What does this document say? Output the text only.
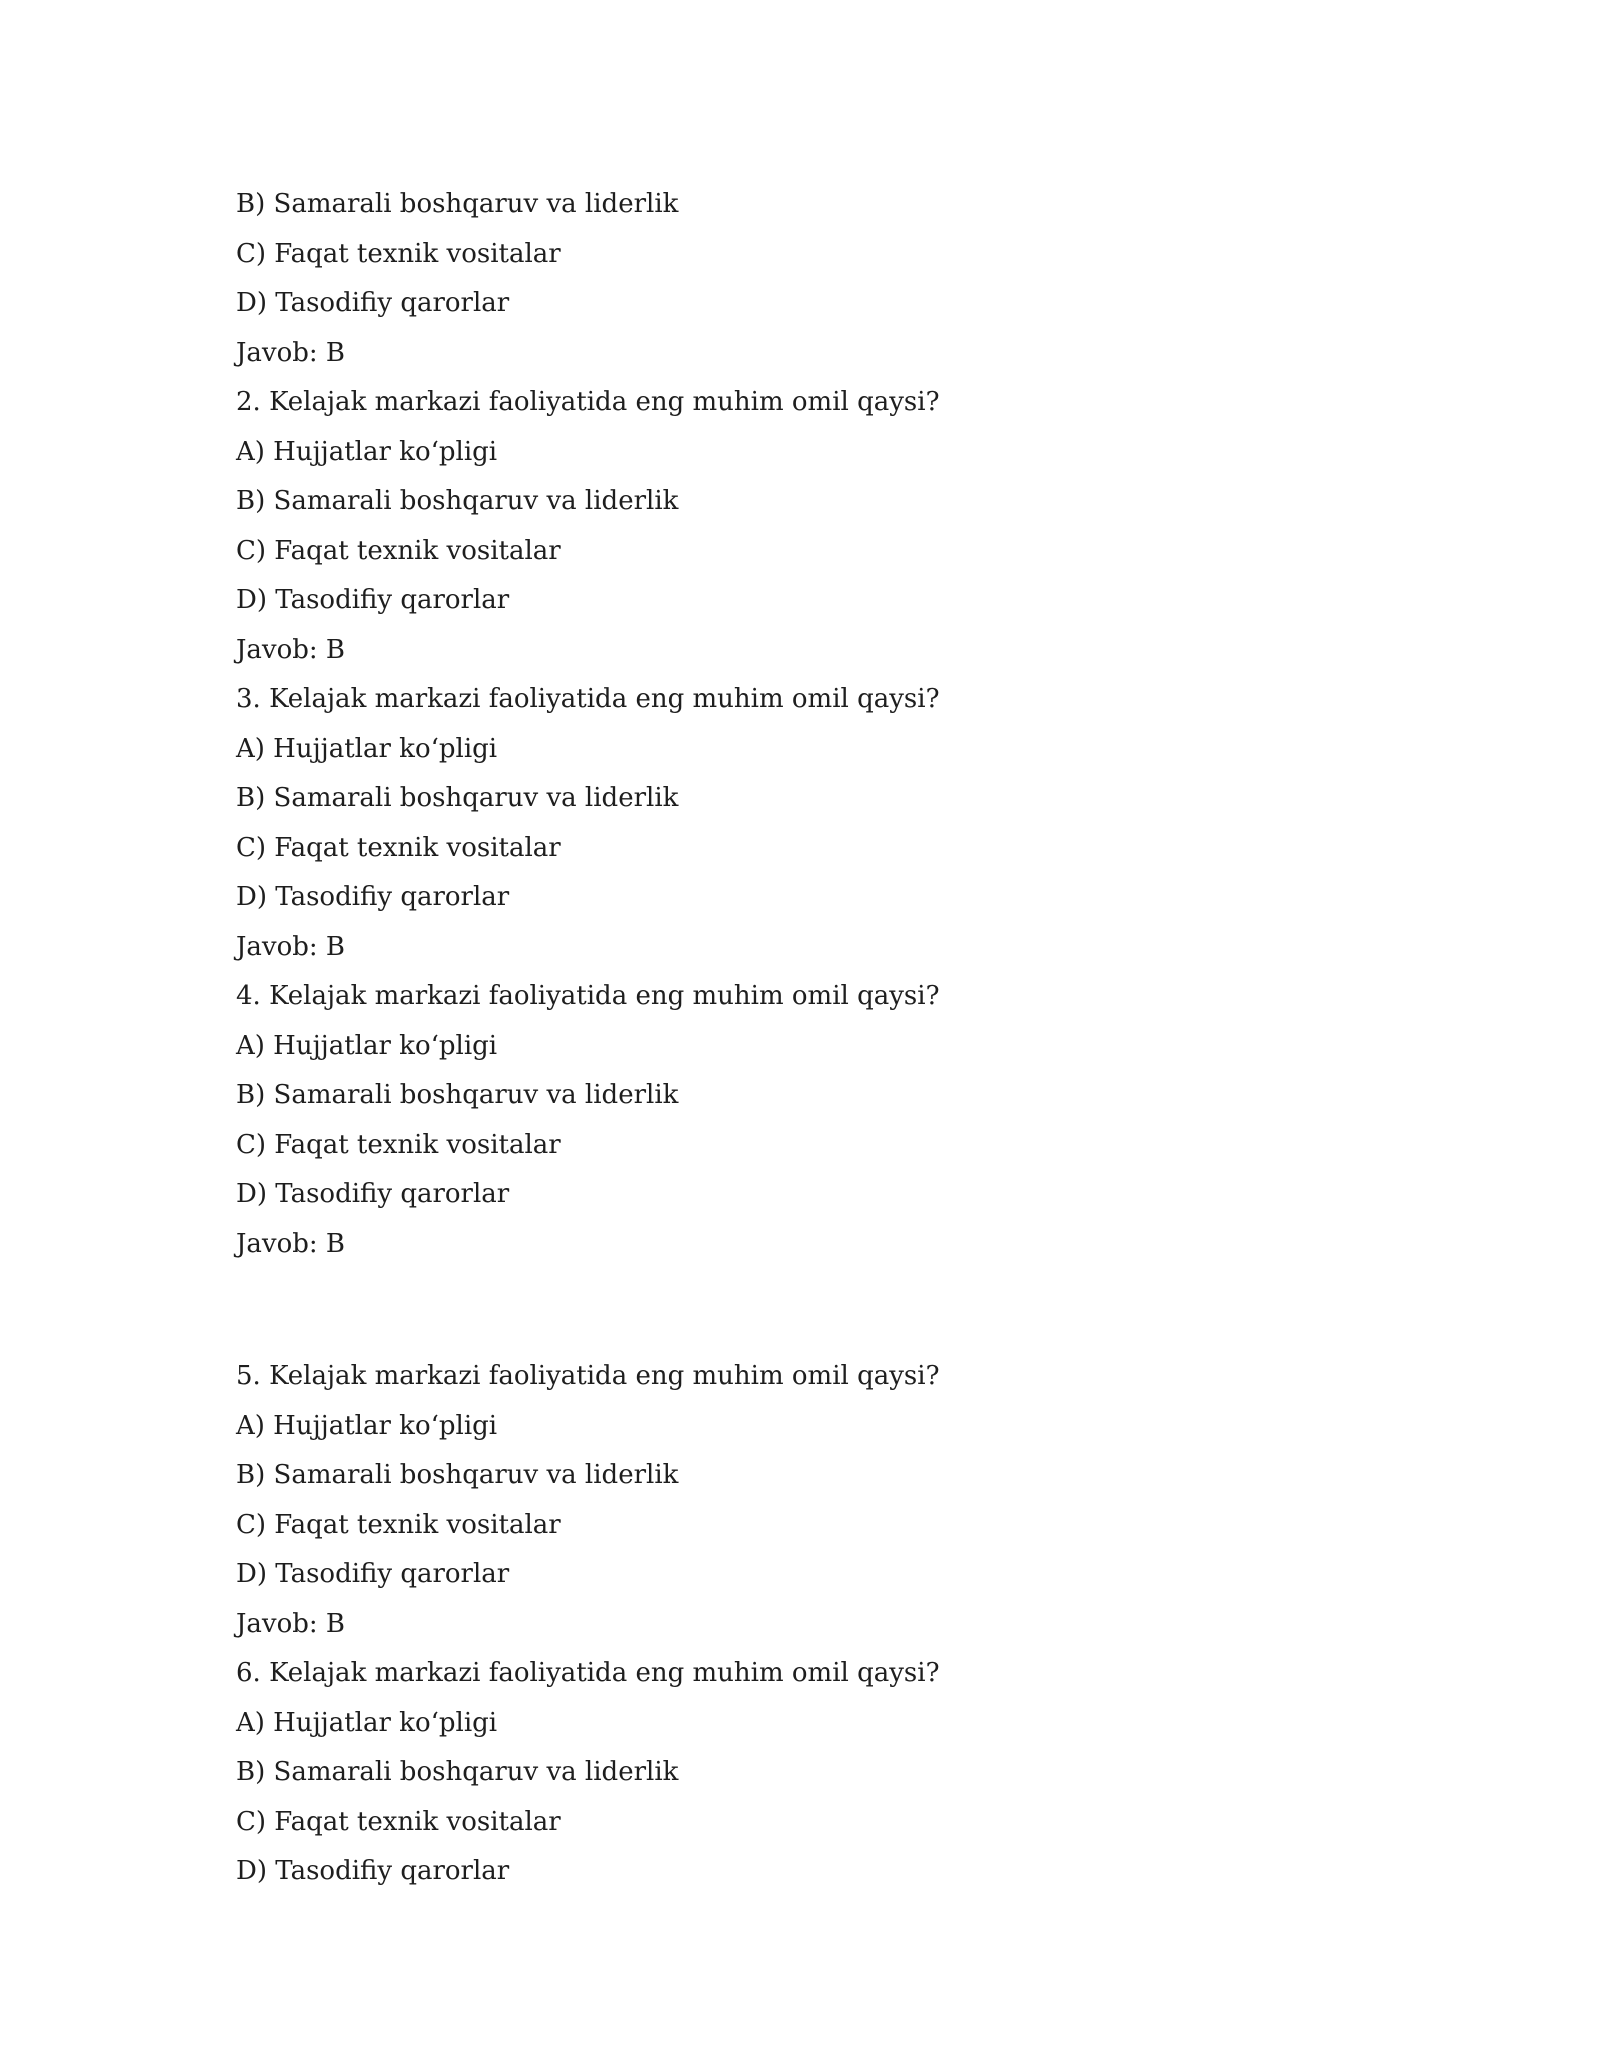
B) Samarali boshqaruv va liderlik
C) Faqat texnik vositalar
D) Tasodifiy qarorlar
Javob: B
2. Kelajak markazi faoliyatida eng muhim omil qaysi?
A) Hujjatlar ko‘pligi
B) Samarali boshqaruv va liderlik
C) Faqat texnik vositalar
D) Tasodifiy qarorlar
Javob: B
3. Kelajak markazi faoliyatida eng muhim omil qaysi?
A) Hujjatlar ko‘pligi
B) Samarali boshqaruv va liderlik
C) Faqat texnik vositalar
D) Tasodifiy qarorlar
Javob: B
4. Kelajak markazi faoliyatida eng muhim omil qaysi?
A) Hujjatlar ko‘pligi
B) Samarali boshqaruv va liderlik
C) Faqat texnik vositalar
D) Tasodifiy qarorlar
Javob: B
5. Kelajak markazi faoliyatida eng muhim omil qaysi?
A) Hujjatlar ko‘pligi
B) Samarali boshqaruv va liderlik
C) Faqat texnik vositalar
D) Tasodifiy qarorlar
Javob: B
6. Kelajak markazi faoliyatida eng muhim omil qaysi?
A) Hujjatlar ko‘pligi
B) Samarali boshqaruv va liderlik
C) Faqat texnik vositalar
D) Tasodifiy qarorlar
